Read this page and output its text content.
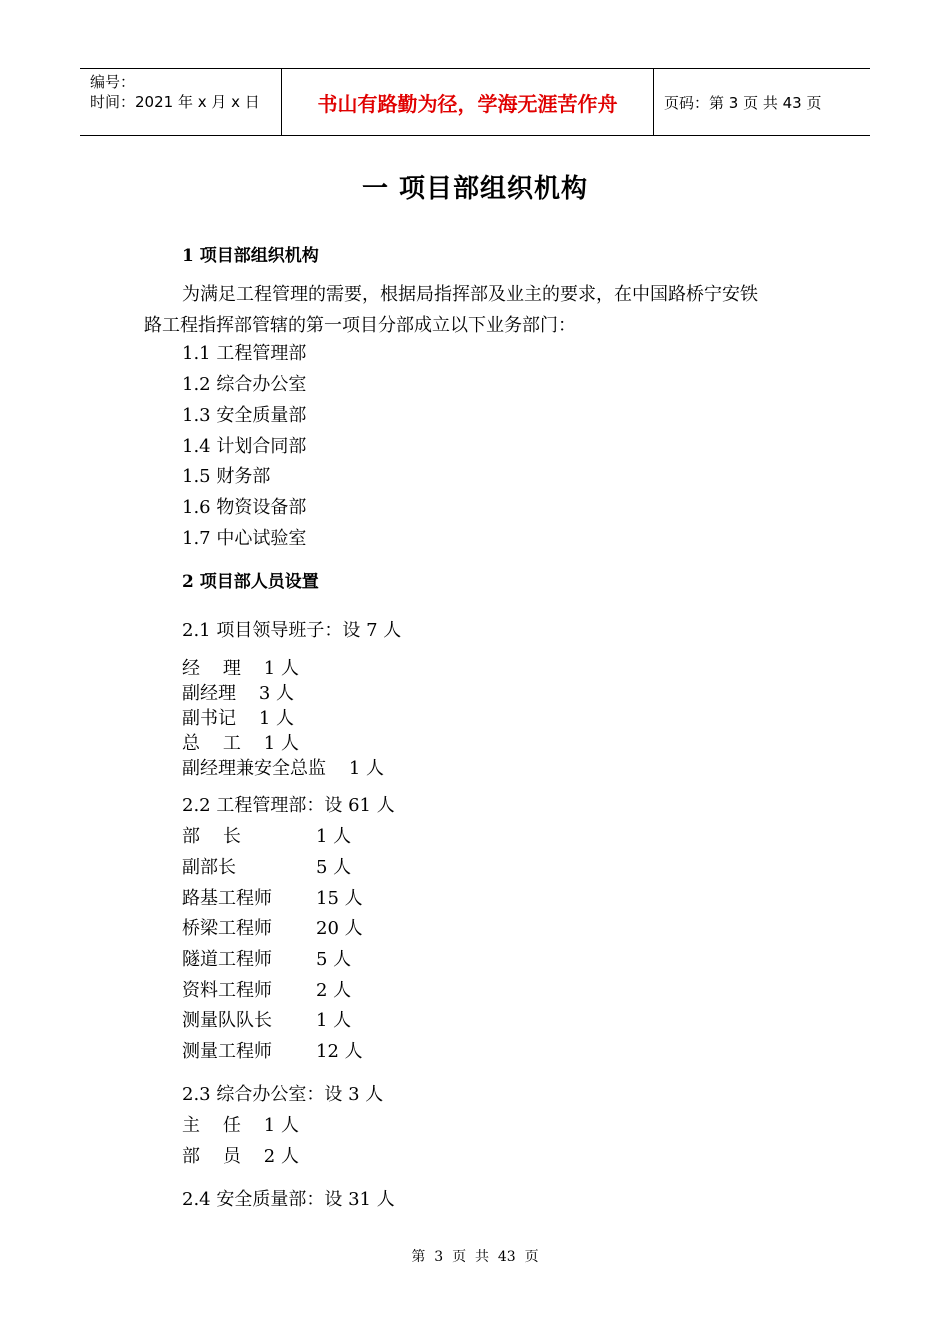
编号：
时间：2021 年 x 月 x 日	书山有路勤为径，学海无涯苦作舟	页码：第 3 页 共 43 页
一 项目部组织机构
1 项目部组织机构
为满足工程管理的需要，根据局指挥部及业主的要求，在中国路桥宁安铁
路工程指挥部管辖的第一项目分部成立以下业务部门：
1.1 工程管理部
1.2 综合办公室
1.3 安全质量部
1.4 计划合同部
1.5 财务部
1.6 物资设备部
1.7 中心试验室
2 项目部人员设置
2.1 项目领导班子：设 7 人
经    理    1 人
副经理    3 人
副书记    1 人
总    工    1 人
副经理兼安全总监    1 人
2.2 工程管理部：设 61 人
部    长	1 人
副部长	5 人
路基工程师 15 人
桥梁工程师 20 人
隧道工程师 5 人
资料工程师 2 人
测量队队长 1 人
测量工程师 12 人
2.3 综合办公室：设 3 人
主    任    1 人
部    员    2 人
2.4 安全质量部：设 31 人
第  3  页  共  43  页
